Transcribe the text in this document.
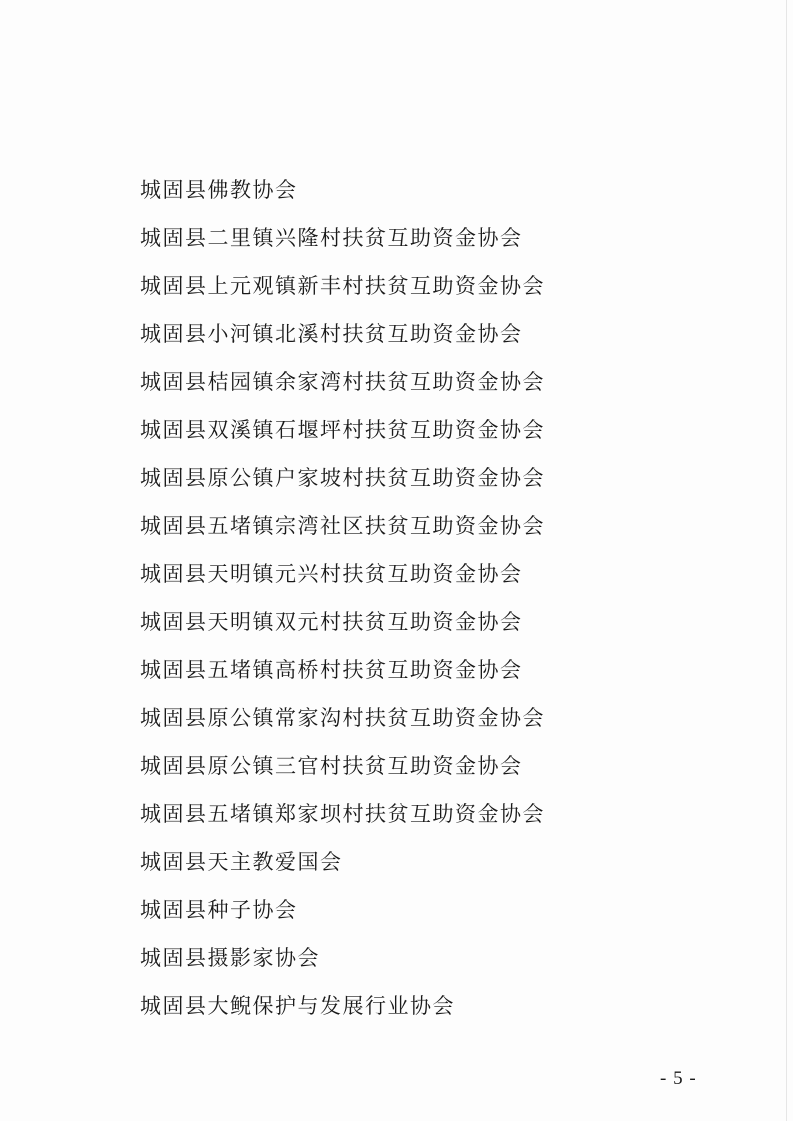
城固县佛教协会
城固县二里镇兴隆村扶贫互助资金协会
城固县上元观镇新丰村扶贫互助资金协会
城固县小河镇北溪村扶贫互助资金协会
城固县桔园镇余家湾村扶贫互助资金协会
城固县双溪镇石堰坪村扶贫互助资金协会
城固县原公镇户家坡村扶贫互助资金协会
城固县五堵镇宗湾社区扶贫互助资金协会
城固县天明镇元兴村扶贫互助资金协会
城固县天明镇双元村扶贫互助资金协会
城固县五堵镇高桥村扶贫互助资金协会
城固县原公镇常家沟村扶贫互助资金协会
城固县原公镇三官村扶贫互助资金协会
城固县五堵镇郑家坝村扶贫互助资金协会
城固县天主教爱国会
城固县种子协会
城固县摄影家协会
城固县大鲵保护与发展行业协会
- 5 -
